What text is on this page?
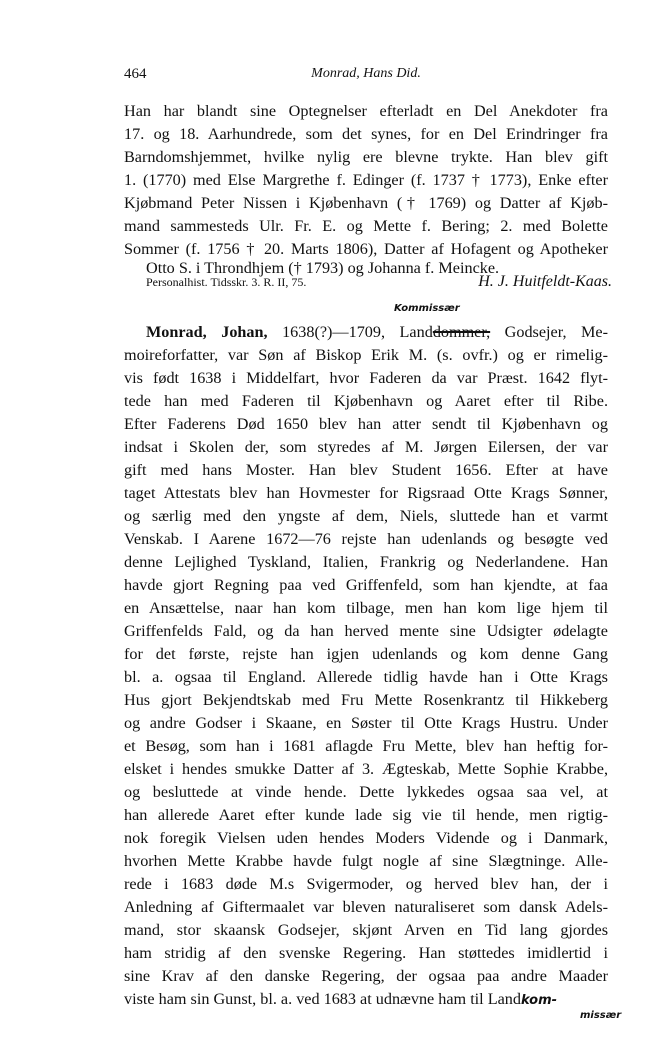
464	Monrad, Hans Did.
Han har blandt sine Optegnelser efterladt en Del Anekdoter fra
17. og 18. Aarhundrede, som det synes, for en Del Erindringer fra
Barndomshjemmet, hvilke nylig ere blevne trykte. Han blev gift
1. (1770) med Else Margrethe f. Edinger (f. 1737 † 1773), Enke efter
Kjøbmand Peter Nissen i Kjøbenhavn († 1769) og Datter af Kjøb-
mand sammesteds Ulr. Fr. E. og Mette f. Bering; 2. med Bolette
Sommer (f. 1756 † 20. Marts 1806), Datter af Hofagent og Apotheker
Otto S. i Throndhjem († 1793) og Johanna f. Meincke.
Personalhist. Tidsskr. 3. R. II, 75.	H. J. Huitfeldt-Kaas.
Kommissær
Monrad, Johan, 1638(?)—1709, Landdommer, Godsejer, Me-
moireforfatter, var Søn af Biskop Erik M. (s. ovfr.) og er rimelig-
vis født 1638 i Middelfart, hvor Faderen da var Præst. 1642 flyt-
tede han med Faderen til Kjøbenhavn og Aaret efter til Ribe.
Efter Faderens Død 1650 blev han atter sendt til Kjøbenhavn og
indsat i Skolen der, som styredes af M. Jørgen Eilersen, der var
gift med hans Moster. Han blev Student 1656. Efter at have
taget Attestats blev han Hovmester for Rigsraad Otte Krags Sønner,
og særlig med den yngste af dem, Niels, sluttede han et varmt
Venskab. I Aarene 1672—76 rejste han udenlands og besøgte ved
denne Lejlighed Tyskland, Italien, Frankrig og Nederlandene. Han
havde gjort Regning paa ved Griffenfeld, som han kjendte, at faa
en Ansættelse, naar han kom tilbage, men han kom lige hjem til
Griffenfelds Fald, og da han herved mente sine Udsigter ødelagte
for det første, rejste han igjen udenlands og kom denne Gang
bl. a. ogsaa til England. Allerede tidlig havde han i Otte Krags
Hus gjort Bekjendtskab med Fru Mette Rosenkrantz til Hikkeberg
og andre Godser i Skaane, en Søster til Otte Krags Hustru. Under
et Besøg, som han i 1681 aflagde Fru Mette, blev han heftig for-
elsket i hendes smukke Datter af 3. Ægteskab, Mette Sophie Krabbe,
og besluttede at vinde hende. Dette lykkedes ogsaa saa vel, at
han allerede Aaret efter kunde lade sig vie til hende, men rigtig-
nok foregik Vielsen uden hendes Moders Vidende og i Danmark,
hvorhen Mette Krabbe havde fulgt nogle af sine Slægtninge. Alle-
rede i 1683 døde M.s Svigermoder, og herved blev han, der i
Anledning af Giftermaalet var bleven naturaliseret som dansk Adels-
mand, stor skaansk Godsejer, skjønt Arven en Tid lang gjordes
ham stridig af den svenske Regering. Han støttedes imidlertid i
sine Krav af den danske Regering, der ogsaa paa andre Maader
viste ham sin Gunst, bl. a. ved 1683 at udnævne ham til Landkom-
missær
